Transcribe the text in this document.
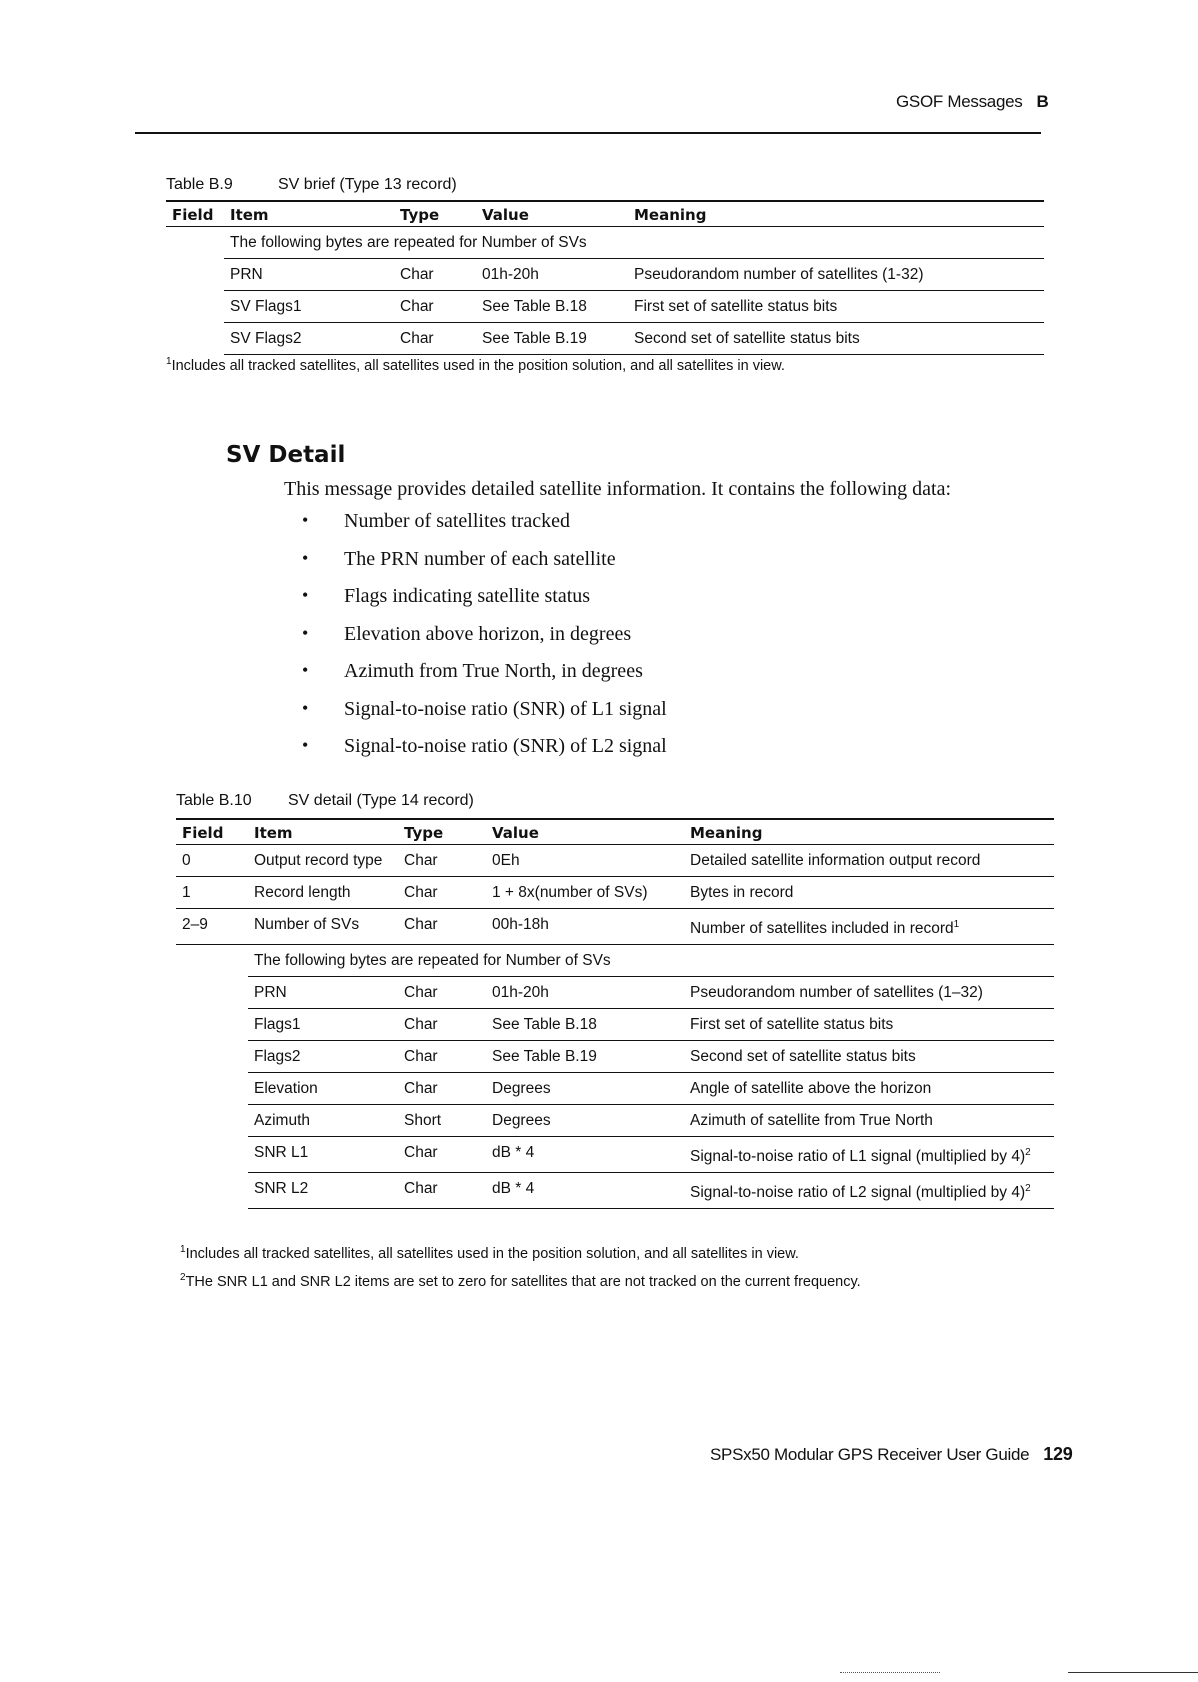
GSOF Messages B
Table B.9	SV brief (Type 13 record)
Field	Item	Type	Value	Meaning
	The following bytes are repeated for Number of SVs			
	PRN	Char	01h-20h	Pseudorandom number of satellites (1-32)
	SV Flags1	Char	See Table B.18	First set of satellite status bits
	SV Flags2	Char	See Table B.19	Second set of satellite status bits
$^1$Includes all tracked satellites, all satellites used in the position solution, and all satellites in view.
SV Detail
This message provides detailed satellite information. It contains the following data:
• Number of satellites tracked
• The PRN number of each satellite
• Flags indicating satellite status
• Elevation above horizon, in degrees
• Azimuth from True North, in degrees
• Signal-to-noise ratio (SNR) of L1 signal
• Signal-to-noise ratio (SNR) of L2 signal
Table B.10 SV detail (Type 14 record)
Field	Item	Type	Value	Meaning
0	Output record type	Char	0Eh	Detailed satellite information output record
1	Record length	Char	1 + 8x(number of SVs)	Bytes in record
2–9	Number of SVs	Char	00h-18h	Number of satellites included in record$^1$
	The following bytes are repeated for Number of SVs			
	PRN	Char	01h-20h	Pseudorandom number of satellites (1–32)
	Flags1	Char	See Table B.18	First set of satellite status bits
	Flags2	Char	See Table B.19	Second set of satellite status bits
	Elevation	Char	Degrees	Angle of satellite above the horizon
	Azimuth	Short	Degrees	Azimuth of satellite from True North
	SNR L1	Char	dB * 4	Signal-to-noise ratio of L1 signal (multiplied by 4)$^2$
	SNR L2	Char	dB * 4	Signal-to-noise ratio of L2 signal (multiplied by 4)$^2$
$^1$Includes all tracked satellites, all satellites used in the position solution, and all satellites in view.
$^2$THe SNR L1 and SNR L2 items are set to zero for satellites that are not tracked on the current frequency.
SPSx50 Modular GPS Receiver User Guide 129
